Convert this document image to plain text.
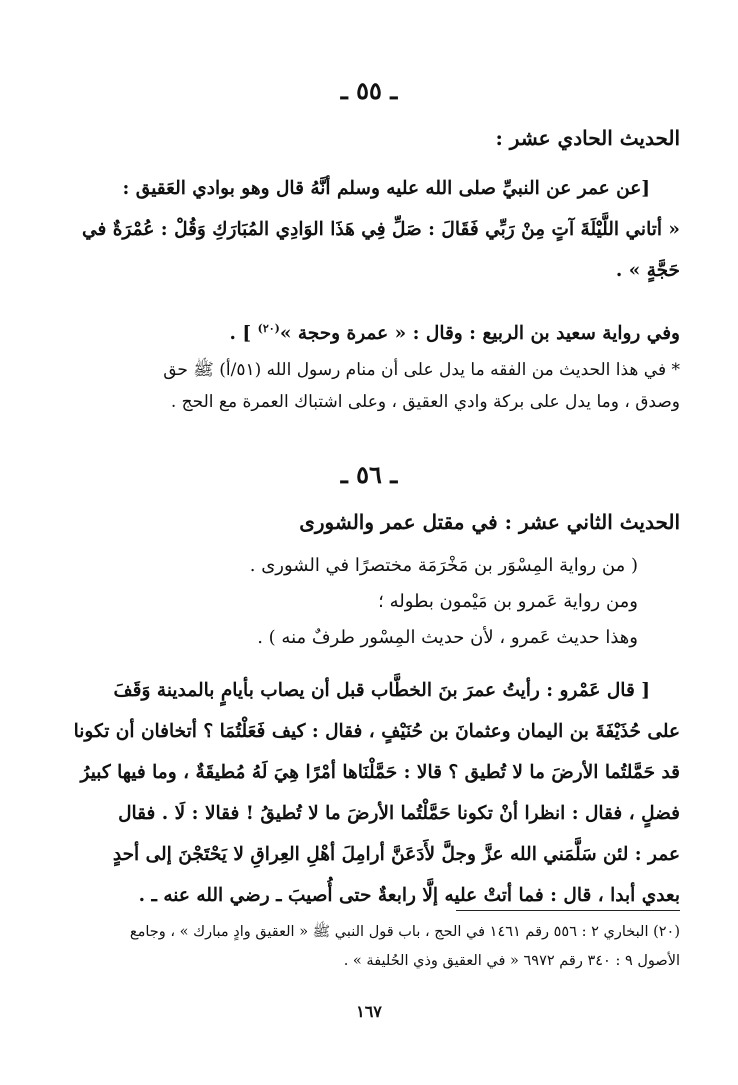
ـ ٥٥ ـ
الحديث الحادي عشر :
[عن عمر عن النبيِّ صلى الله عليه وسلم أنَّهُ قال وهو بوادي العَقيق :
« أتاني اللَّيْلَةَ آتٍ مِنْ رَبِّي فَقَالَ : صَلِّ فِي هَذَا الوَادِي المُبَارَكِ وَقُلْ : عُمْرَةٌ في
حَجَّةٍ » .
وفي رواية سعيد بن الربيع : وقال : « عمرة وحجة »$^{(٢٠)}$ ] .
* في هذا الحديث من الفقه ما يدل على أن منام رسول الله (٥١/أ) ﷺ حق
وصدق ، وما يدل على بركة وادي العقيق ، وعلى اشتباك العمرة مع الحج .
ـ ٥٦ ـ
الحديث الثاني عشر : في مقتل عمر والشورى
( من رواية المِسْوَر بن مَخْرَمَة مختصرًا في الشورى .
ومن رواية عَمرو بن مَيْمون بطوله ؛
وهذا حديث عَمرو ، لأن حديث المِسْور طرفٌ منه ) .
[ قال عَمْرو : رأيتُ عمرَ بنَ الخطَّاب قبل أن يصاب بأيامٍ بالمدينة وَقَفَ
على حُذَيْفَةَ بن اليمان وعثمانَ بن حُنَيْفٍ ، فقال : كيف فَعَلْتُمَا ؟ أتخافان أن تكونا
قد حَمَّلتُما الأرضَ ما لا تُطيق ؟ قالا : حَمَّلْنَاها أمْرًا هِيَ لَهُ مُطيقَةٌ ، وما فيها كبيرُ
فضلٍ ، فقال : انظرا أنْ تكونا حَمَّلْتُما الأرضَ ما لا تُطيقُ ! فقالا : لَا . فقال
عمر : لئن سَلَّمَني الله عزَّ وجلَّ لأَدَعَنَّ أرامِلَ أهْلِ العِراقِ لا يَحْتَجْنَ إلى أحدٍ
بعدي أبدا ، قال : فما أتتْ عليه إلَّا رابعةٌ حتى أُصيبَ ـ رضي الله عنه ـ .
(٢٠) البخاري ٢ : ٥٥٦ رقم ١٤٦١ في الحج ، باب قول النبي ﷺ « العقيق وادٍ مبارك » ، وجامع
الأصول ٩ : ٣٤٠ رقم ٦٩٧٢ « في العقيق وذي الحُليفة » .
١٦٧
